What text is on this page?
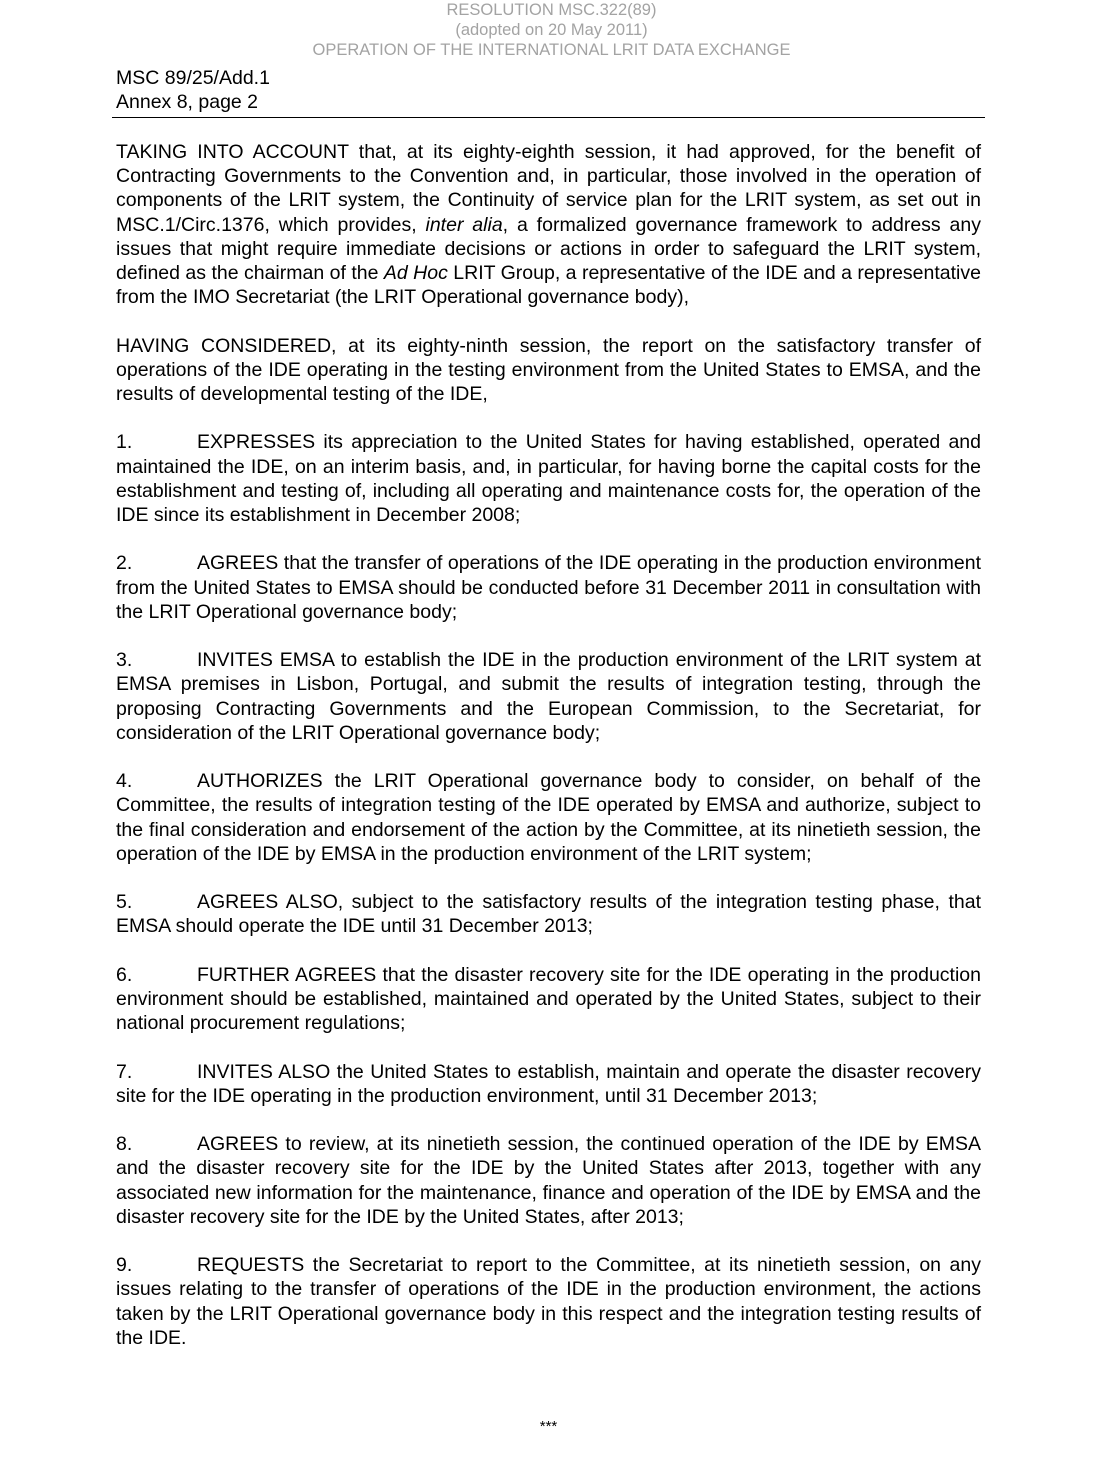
RESOLUTION MSC.322(89)
(adopted on 20 May 2011)
OPERATION OF THE INTERNATIONAL LRIT DATA EXCHANGE
MSC 89/25/Add.1
Annex 8, page 2

TAKING INTO ACCOUNT that, at its eighty-eighth session, it had approved, for the benefit of Contracting Governments to the Convention and, in particular, those involved in the operation of components of the LRIT system, the Continuity of service plan for the LRIT system, as set out in MSC.1/Circ.1376, which provides, inter alia, a formalized governance framework to address any issues that might require immediate decisions or actions in order to safeguard the LRIT system, defined as the chairman of the Ad Hoc LRIT Group, a representative of the IDE and a representative from the IMO Secretariat (the LRIT Operational governance body),

HAVING CONSIDERED, at its eighty-ninth session, the report on the satisfactory transfer of operations of the IDE operating in the testing environment from the United States to EMSA, and the results of developmental testing of the IDE,

1.	EXPRESSES its appreciation to the United States for having established, operated and maintained the IDE, on an interim basis, and, in particular, for having borne the capital costs for the establishment and testing of, including all operating and maintenance costs for, the operation of the IDE since its establishment in December 2008;

2.	AGREES that the transfer of operations of the IDE operating in the production environment from the United States to EMSA should be conducted before 31 December 2011 in consultation with the LRIT Operational governance body;

3.	INVITES EMSA to establish the IDE in the production environment of the LRIT system at EMSA premises in Lisbon, Portugal, and submit the results of integration testing, through the proposing Contracting Governments and the European Commission, to the Secretariat, for consideration of the LRIT Operational governance body;

4.	AUTHORIZES the LRIT Operational governance body to consider, on behalf of the Committee, the results of integration testing of the IDE operated by EMSA and authorize, subject to the final consideration and endorsement of the action by the Committee, at its ninetieth session, the operation of the IDE by EMSA in the production environment of the LRIT system;

5.	AGREES ALSO, subject to the satisfactory results of the integration testing phase, that EMSA should operate the IDE until 31 December 2013;

6.	FURTHER AGREES that the disaster recovery site for the IDE operating in the production environment should be established, maintained and operated by the United States, subject to their national procurement regulations;

7.	INVITES ALSO the United States to establish, maintain and operate the disaster recovery site for the IDE operating in the production environment, until 31 December 2013;

8.	AGREES to review, at its ninetieth session, the continued operation of the IDE by EMSA and the disaster recovery site for the IDE by the United States after 2013, together with any associated new information for the maintenance, finance and operation of the IDE by EMSA and the disaster recovery site for the IDE by the United States, after 2013;

9.	REQUESTS the Secretariat to report to the Committee, at its ninetieth session, on any issues relating to the transfer of operations of the IDE in the production environment, the actions taken by the LRIT Operational governance body in this respect and the integration testing results of the IDE.

***
